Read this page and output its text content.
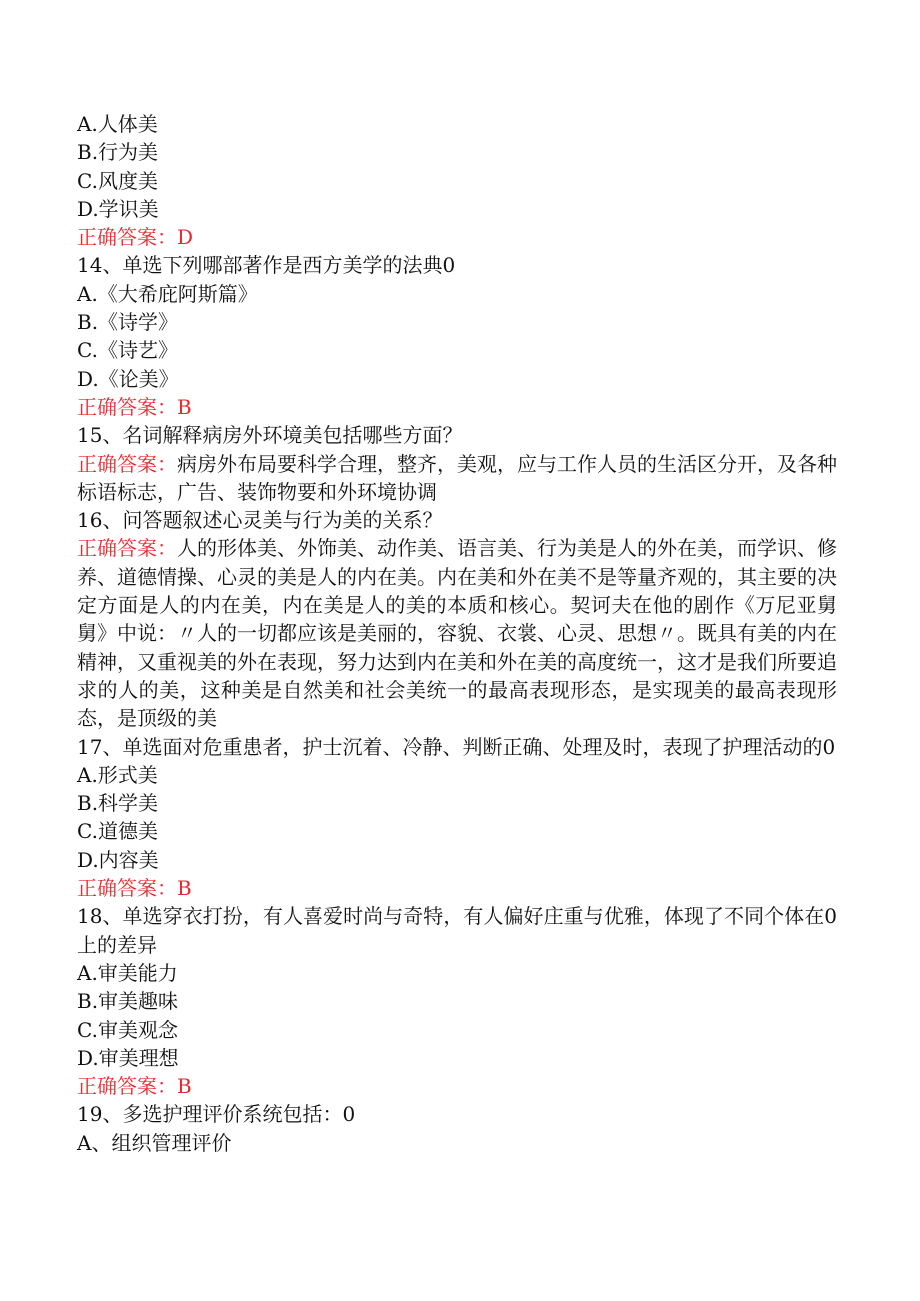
A.人体美
B.行为美
C.风度美
D.学识美
正确答案：D
14、单选下列哪部著作是西方美学的法典0
A.《大希庇阿斯篇》
B.《诗学》
C.《诗艺》
D.《论美》
正确答案：B
15、名词解释病房外环境美包括哪些方面？
正确答案：病房外布局要科学合理，整齐，美观，应与工作人员的生活区分开，及各种标语标志，广告、装饰物要和外环境协调
16、问答题叙述心灵美与行为美的关系？
正确答案：人的形体美、外饰美、动作美、语言美、行为美是人的外在美，而学识、修养、道德情操、心灵的美是人的内在美。内在美和外在美不是等量齐观的，其主要的决定方面是人的内在美，内在美是人的美的本质和核心。契诃夫在他的剧作《万尼亚舅舅》中说：〃人的一切都应该是美丽的，容貌、衣裳、心灵、思想〃。既具有美的内在精神，又重视美的外在表现，努力达到内在美和外在美的高度统一，这才是我们所要追求的人的美，这种美是自然美和社会美统一的最高表现形态，是实现美的最高表现形态，是顶级的美
17、单选面对危重患者，护士沉着、冷静、判断正确、处理及时，表现了护理活动的0
A.形式美
B.科学美
C.道德美
D.内容美
正确答案：B
18、单选穿衣打扮，有人喜爱时尚与奇特，有人偏好庄重与优雅，体现了不同个体在0上的差异
A.审美能力
B.审美趣味
C.审美观念
D.审美理想
正确答案：B
19、多选护理评价系统包括：0
A、组织管理评价
